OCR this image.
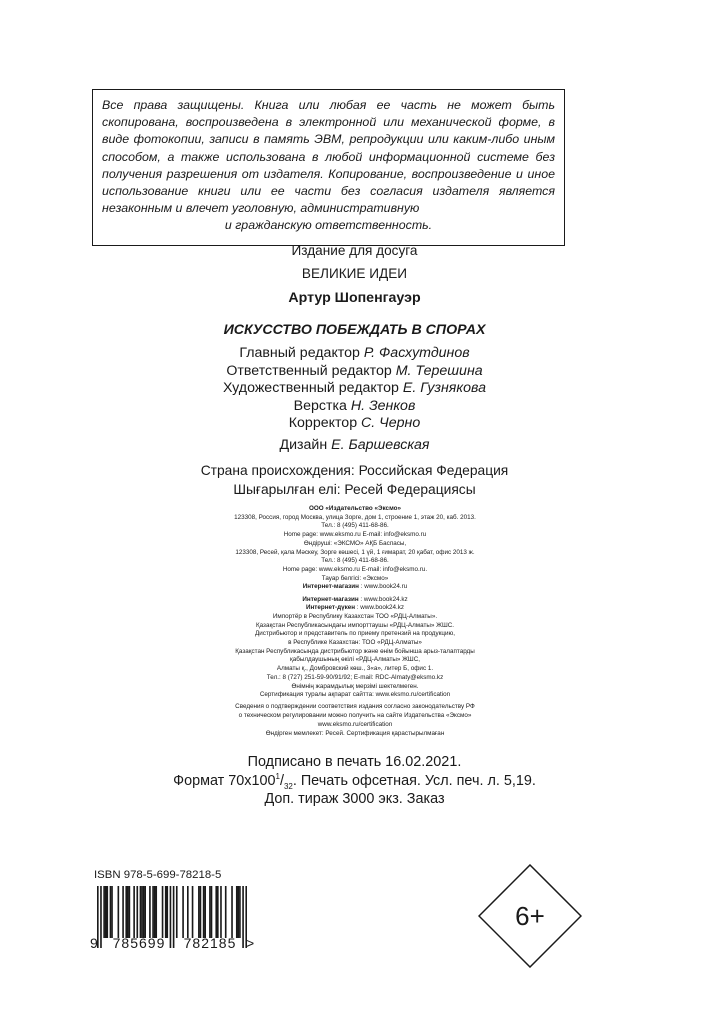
Все права защищены. Книга или любая ее часть не может быть скопирована, воспроизведена в электронной или механической форме, в виде фотокопии, записи в память ЭВМ, репродукции или каким-либо иным способом, а также использована в любой информационной системе без получения разрешения от издателя. Копирование, воспроизведение и иное использование книги или ее части без согласия издателя является незаконным и влечет уголовную, административную
и гражданскую ответственность.
Издание для досуга
ВЕЛИКИЕ ИДЕИ
Артур Шопенгауэр
ИСКУССТВО ПОБЕЖДАТЬ В СПОРАХ
Главный редактор Р. Фасхутдинов
Ответственный редактор М. Терешина
Художественный редактор Е. Гузнякова
Верстка Н. Зенков
Корректор С. Черно
Дизайн Е. Баршевская
Страна происхождения: Российская Федерация
Шығарылған елі: Ресей Федерациясы
ООО «Издательство «Эксмо»
123308, Россия, город Москва, улица Зорге, дом 1, строение 1, этаж 20, каб. 2013.
Тел.: 8 (495) 411-68-86.
Home page: www.eksmo.ru E-mail: info@eksmo.ru
Өндіруші: «ЭКСМО» АҚБ Баспасы,
123308, Ресей, қала Мәскеу, Зорге көшесі, 1 үй, 1 ғимарат, 20 қабат, офис 2013 ж.
Тел.: 8 (495) 411-68-86.
Home page: www.eksmo.ru E-mail: info@eksmo.ru.
Тауар белгісі: «Эксмо»
Интернет-магазин : www.book24.ru
Интернет-магазин : www.book24.kz
Интернет-дүкен : www.book24.kz
Импортёр в Республику Казахстан ТОО «РДЦ-Алматы».
Қазақстан Республикасындағы импорттаушы «РДЦ-Алматы» ЖШС.
Дистрибьютор и представитель по приему претензий на продукцию,
в Республике Казахстан: ТОО «РДЦ-Алматы»
Қазақстан Республикасында дистрибьютор және өнім бойынша арыз-талаптарды
қабылдаушының өкілі «РДЦ-Алматы» ЖШС,
Алматы қ., Домбровский көш., 3«а», литер Б, офис 1.
Тел.: 8 (727) 251-59-90/91/92; E-mail: RDC-Almaty@eksmo.kz
Өнімнің жарамдылық мерзімі шектелмеген.
Сертификация туралы ақпарат сайтта: www.eksmo.ru/certification
Сведения о подтверждении соответствия издания согласно законодательству РФ
о техническом регулировании можно получить на сайте Издательства «Эксмо»
www.eksmo.ru/certification
Өндірген мемлекет: Ресей. Сертификация қарастырылмаған
Подписано в печать 16.02.2021.
Формат $70x100^1/_{32}$. Печать офсетная. Усл. печ. л. 5,19.
Доп. тираж 3000 экз. Заказ
ISBN 978-5-699-78218-5
9 785699 782185 >
6+
